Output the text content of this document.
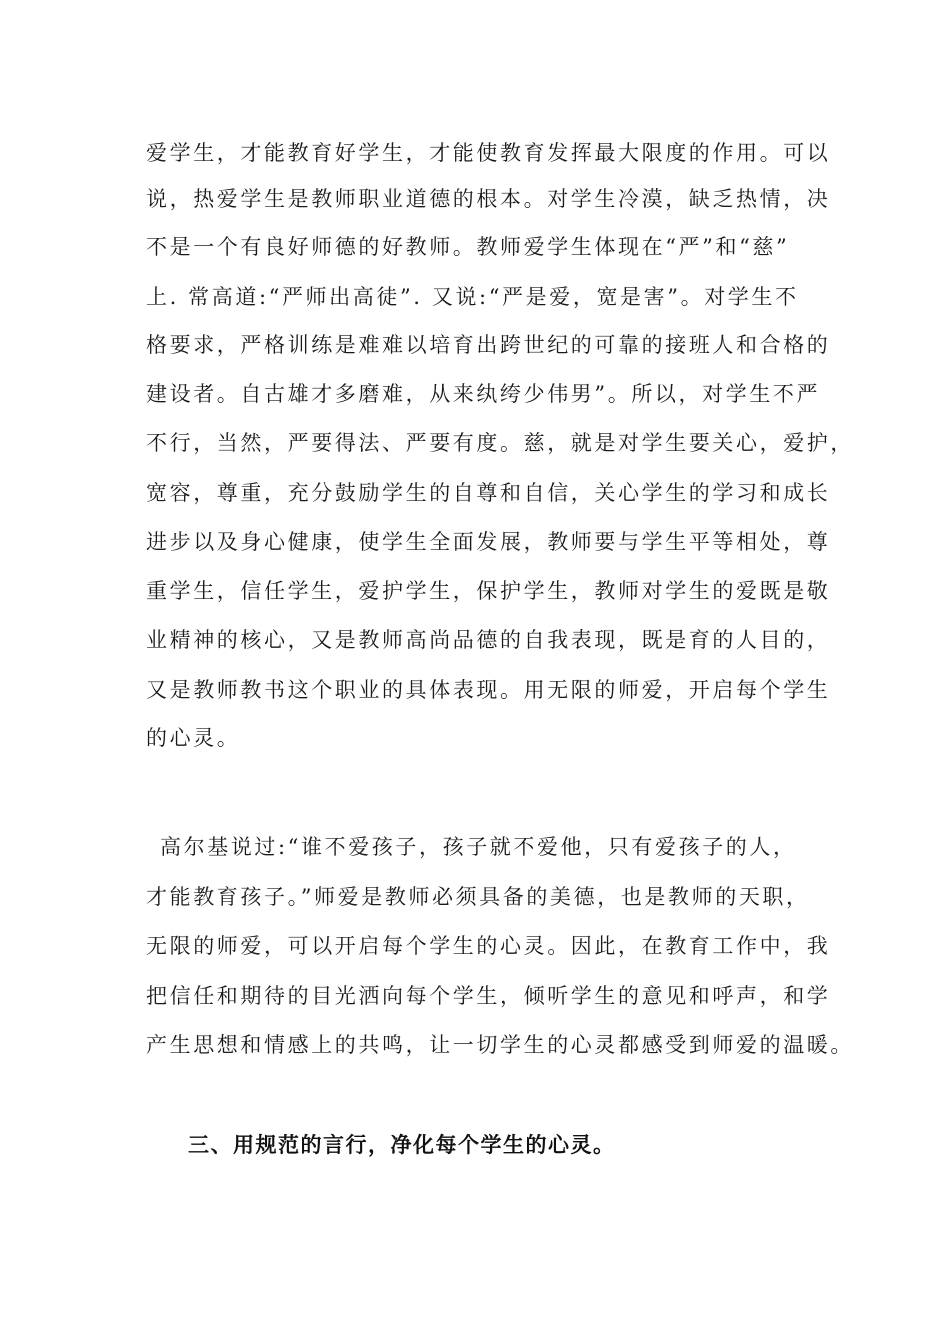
爱学生，才能教育好学生，才能使教育发挥最大限度的作用。可以
说，热爱学生是教师职业道德的根本。对学生冷漠，缺乏热情，决
不是一个有良好师德的好教师。教师爱学生体现在“严”和“慈”
上. 常高道:“严师出高徒”. 又说:“严是爱，宽是害”。对学生不
格要求，严格训练是难难以培育出跨世纪的可靠的接班人和合格的
建设者。自古雄才多磨难，从来纨绔少伟男”。所以，对学生不严
不行，当然，严要得法、严要有度。慈，就是对学生要关心，爱护，
宽容，尊重，充分鼓励学生的自尊和自信，关心学生的学习和成长
进步以及身心健康，使学生全面发展，教师要与学生平等相处，尊
重学生，信任学生，爱护学生，保护学生，教师对学生的爱既是敬
业精神的核心，又是教师高尚品德的自我表现，既是育的人目的，
又是教师教书这个职业的具体表现。用无限的师爱，开启每个学生
的心灵。
高尔基说过:“谁不爱孩子，孩子就不爱他，只有爱孩子的人，
才能教育孩子。”师爱是教师必须具备的美德，也是教师的天职，
无限的师爱，可以开启每个学生的心灵。因此，在教育工作中，我
把信任和期待的目光洒向每个学生，倾听学生的意见和呼声，和学
产生思想和情感上的共鸣，让一切学生的心灵都感受到师爱的温暖。
三、用规范的言行，净化每个学生的心灵。
